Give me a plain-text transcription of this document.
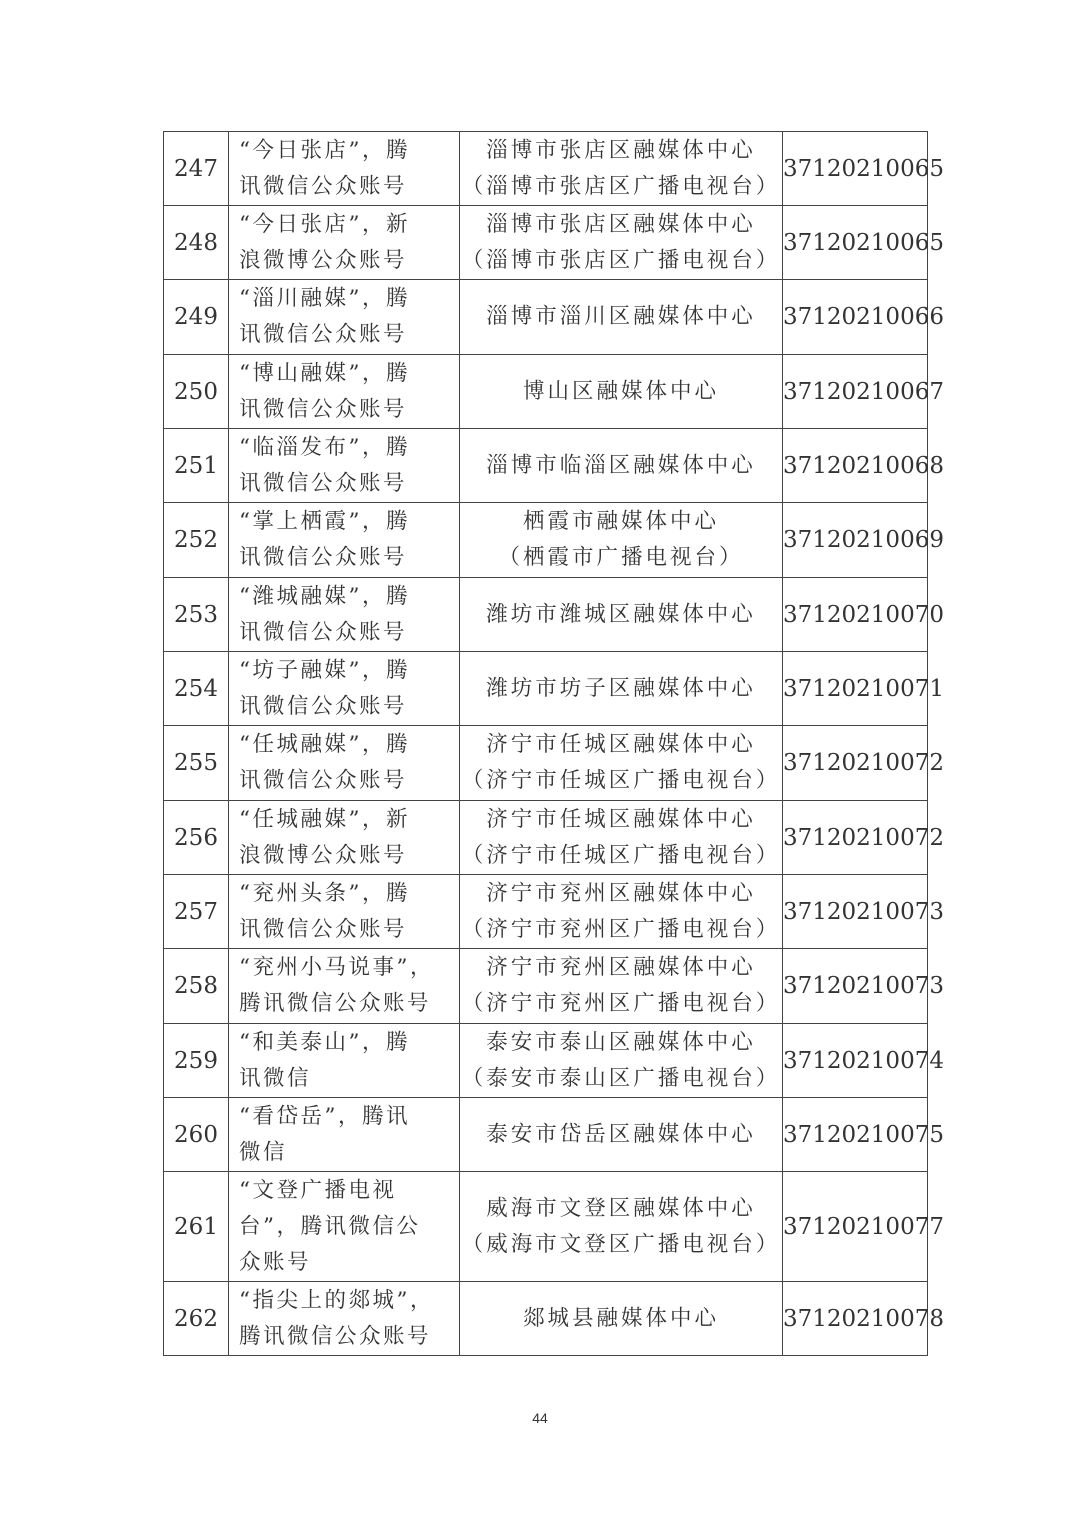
247	“今日张店”，腾
讯微信公众账号	淄博市张店区融媒体中心
（淄博市张店区广播电视台）	37120210065
248	“今日张店”，新
浪微博公众账号	淄博市张店区融媒体中心
（淄博市张店区广播电视台）	37120210065
249	“淄川融媒”，腾
讯微信公众账号	淄博市淄川区融媒体中心	37120210066
250	“博山融媒”，腾
讯微信公众账号	博山区融媒体中心	37120210067
251	“临淄发布”，腾
讯微信公众账号	淄博市临淄区融媒体中心	37120210068
252	“掌上栖霞”，腾
讯微信公众账号	栖霞市融媒体中心
（栖霞市广播电视台）	37120210069
253	“潍城融媒”，腾
讯微信公众账号	潍坊市潍城区融媒体中心	37120210070
254	“坊子融媒”，腾
讯微信公众账号	潍坊市坊子区融媒体中心	37120210071
255	“任城融媒”，腾
讯微信公众账号	济宁市任城区融媒体中心
（济宁市任城区广播电视台）	37120210072
256	“任城融媒”，新
浪微博公众账号	济宁市任城区融媒体中心
（济宁市任城区广播电视台）	37120210072
257	“兖州头条”，腾
讯微信公众账号	济宁市兖州区融媒体中心
（济宁市兖州区广播电视台）	37120210073
258	“兖州小马说事”，
腾讯微信公众账号	济宁市兖州区融媒体中心
（济宁市兖州区广播电视台）	37120210073
259	“和美泰山”，腾
讯微信	泰安市泰山区融媒体中心
（泰安市泰山区广播电视台）	37120210074
260	“看岱岳”，腾讯
微信	泰安市岱岳区融媒体中心	37120210075
261	“文登广播电视
台”，腾讯微信公
众账号	威海市文登区融媒体中心
（威海市文登区广播电视台）	37120210077
262	“指尖上的郯城”，
腾讯微信公众账号	郯城县融媒体中心	37120210078
44
